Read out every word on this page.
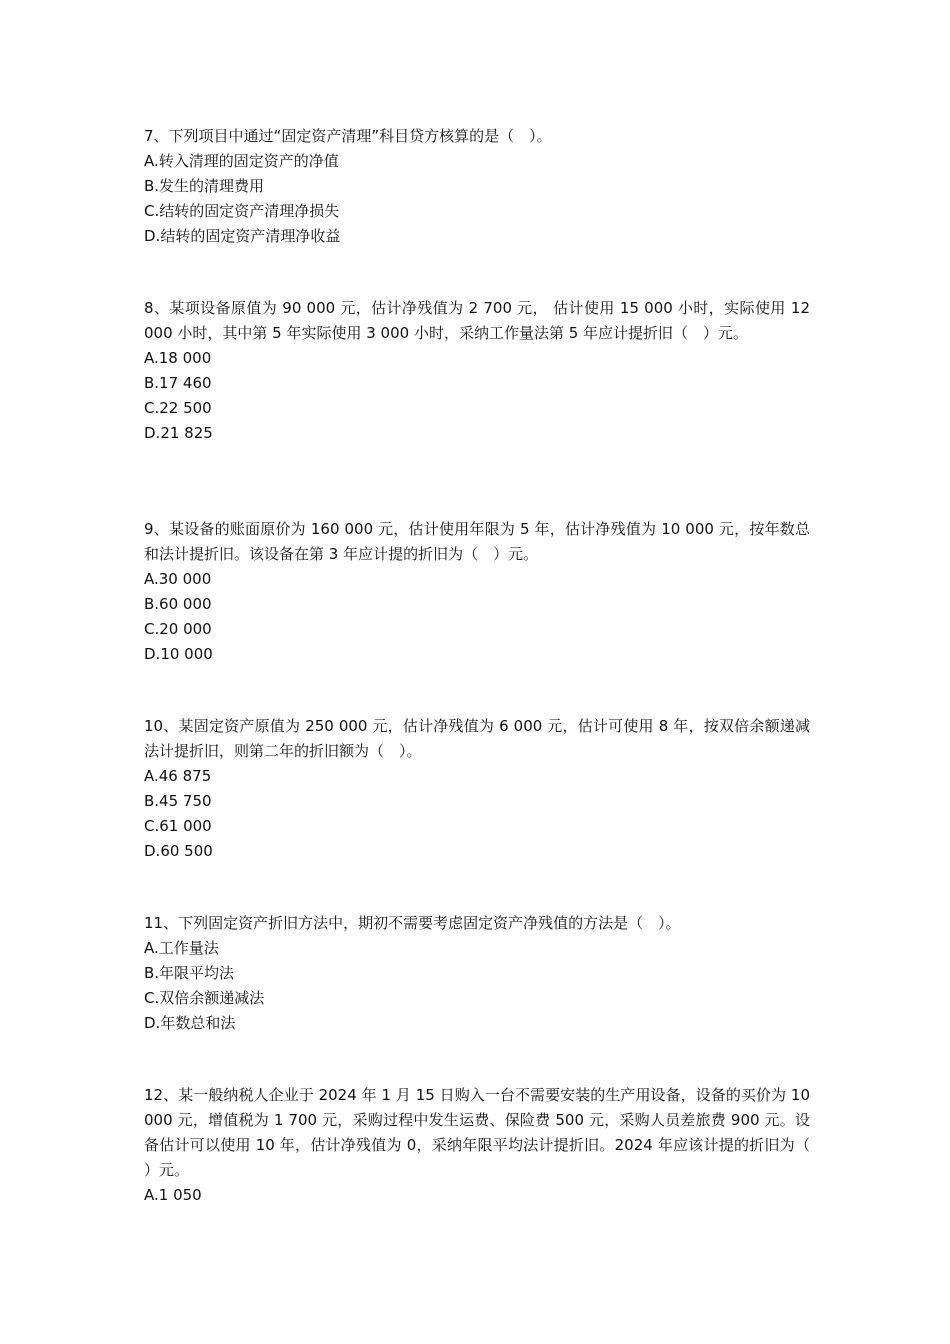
7、下列项目中通过“固定资产清理”科目贷方核算的是（　）。

A.转入清理的固定资产的净值

B.发生的清理费用

C.结转的固定资产清理净损失

D.结转的固定资产清理净收益

8、某项设备原值为 90 000 元，估计净残值为 2 700 元， 估计使用 15 000 小时，实际使用 12 000 小时，其中第 5 年实际使用 3 000 小时，采纳工作量法第 5 年应计提折旧（　）元。

A.18 000

B.17 460

C.22 500

D.21 825

9、某设备的账面原价为 160 000 元，估计使用年限为 5 年，估计净残值为 10 000 元，按年数总和法计提折旧。该设备在第 3 年应计提的折旧为（　）元。

A.30 000

B.60 000

C.20 000

D.10 000

10、某固定资产原值为 250 000 元，估计净残值为 6 000 元，估计可使用 8 年，按双倍余额递减法计提折旧，则第二年的折旧额为（　）。

A.46 875

B.45 750

C.61 000

D.60 500

11、下列固定资产折旧方法中，期初不需要考虑固定资产净残值的方法是（　）。

A.工作量法

B.年限平均法

C.双倍余额递减法

D.年数总和法

12、某一般纳税人企业于 2024 年 1 月 15 日购入一台不需要安装的生产用设备，设备的买价为 10 000 元，增值税为 1 700 元，采购过程中发生运费、保险费 500 元，采购人员差旅费 900 元。设备估计可以使用 10 年，估计净残值为 0，采纳年限平均法计提折旧。2024 年应该计提的折旧为（ ）元。

A.1 050
